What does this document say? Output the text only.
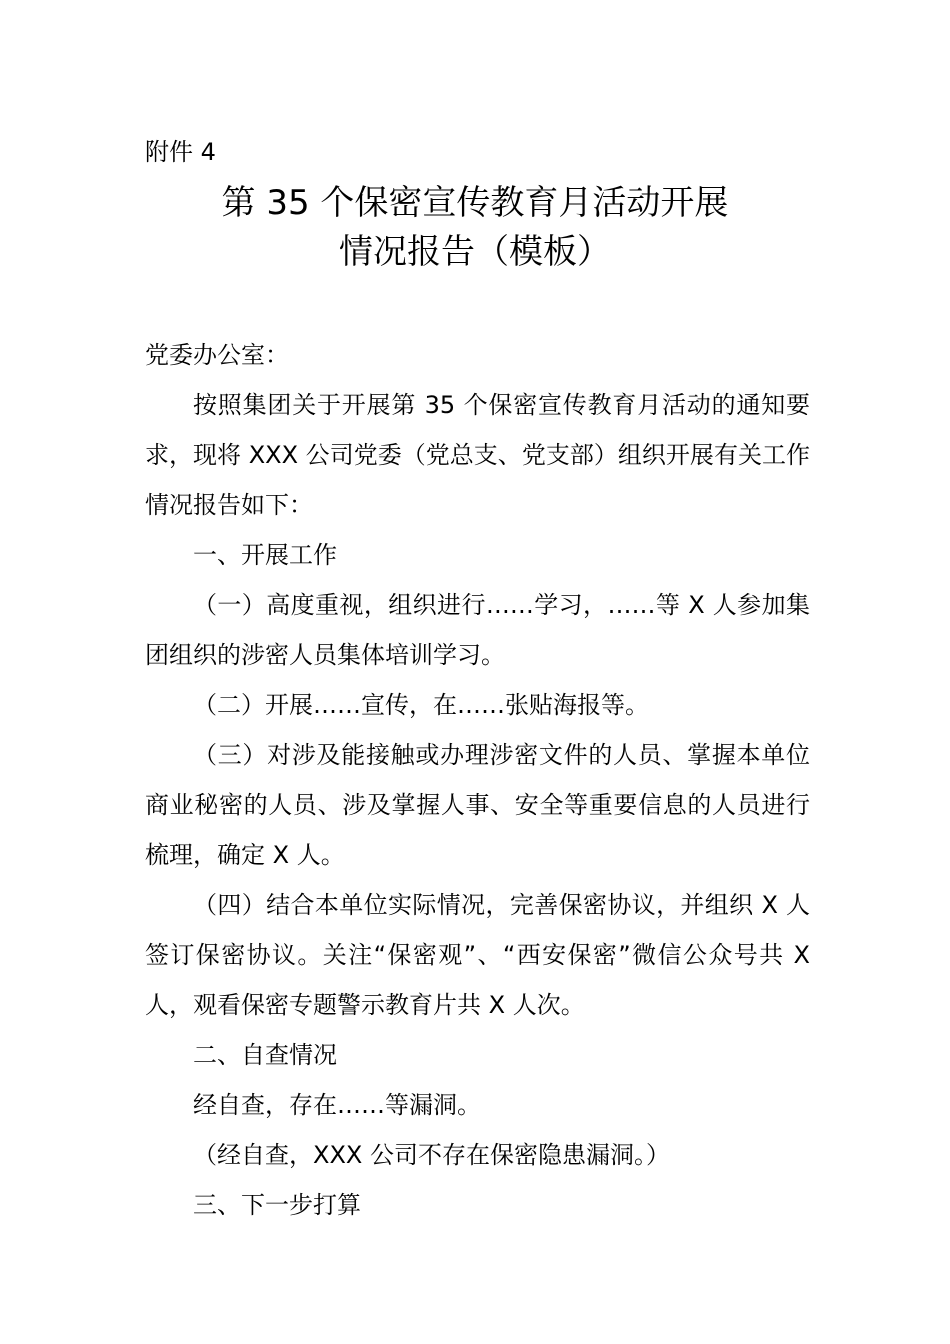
附件 4
第 35 个保密宣传教育月活动开展
情况报告（模板）

党委办公室：

按照集团关于开展第 35 个保密宣传教育月活动的通知要求，现将 XXX 公司党委（党总支、党支部）组织开展有关工作情况报告如下：

一、开展工作

（一）高度重视，组织进行……学习，……等 X 人参加集团组织的涉密人员集体培训学习。

（二）开展……宣传，在……张贴海报等。

（三）对涉及能接触或办理涉密文件的人员、掌握本单位商业秘密的人员、涉及掌握人事、安全等重要信息的人员进行梳理，确定 X 人。

（四）结合本单位实际情况，完善保密协议，并组织 X 人签订保密协议。关注“保密观”、“西安保密”微信公众号共 X 人，观看保密专题警示教育片共 X 人次。

二、自查情况

经自查，存在……等漏洞。

（经自查，XXX 公司不存在保密隐患漏洞。）

三、下一步打算
